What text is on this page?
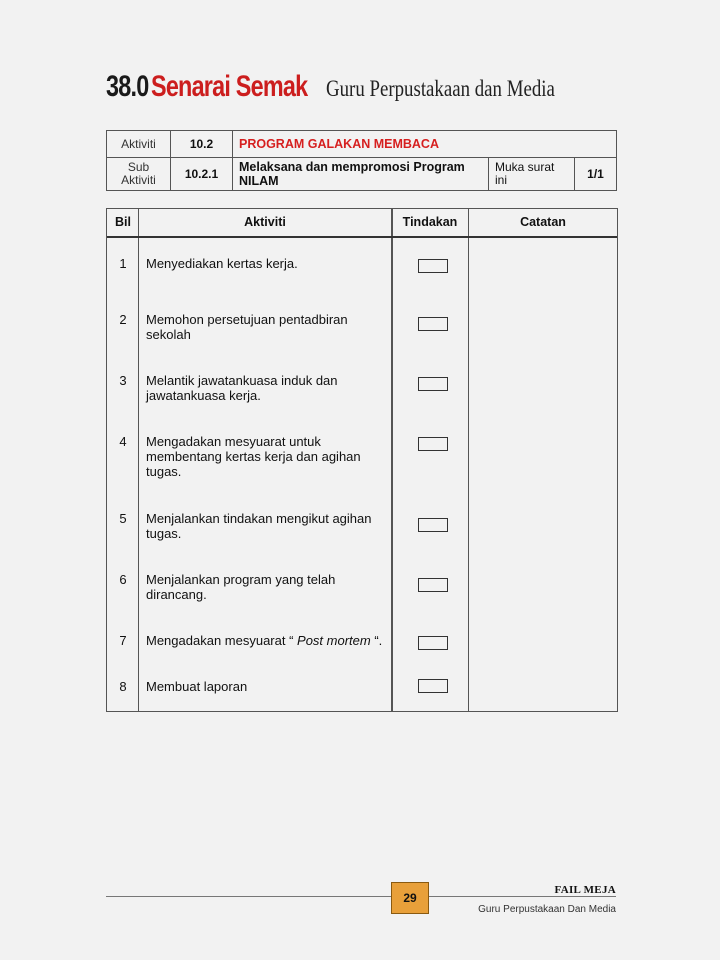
38.0 Senarai Semak Guru Perpustakaan dan Media
Aktiviti	10.2	PROGRAM GALAKAN MEMBACA		
Sub Aktiviti	10.2.1	Melaksana dan mempromosi Program NILAM	Muka surat ini	1/1
Bil	Aktiviti	Tindakan	Catatan
1	Menyediakan kertas kerja.
2	Memohon persetujuan pentadbiran sekolah
3	Melantik jawatankuasa induk dan jawatankuasa kerja.
4	Mengadakan mesyuarat untuk membentang kertas kerja dan agihan tugas.
5	Menjalankan tindakan mengikut agihan tugas.
6	Menjalankan program yang telah dirancang.
7	Mengadakan mesyuarat “ Post mortem “.
8	Membuat laporan
29
FAIL MEJA
Guru Perpustakaan Dan Media
